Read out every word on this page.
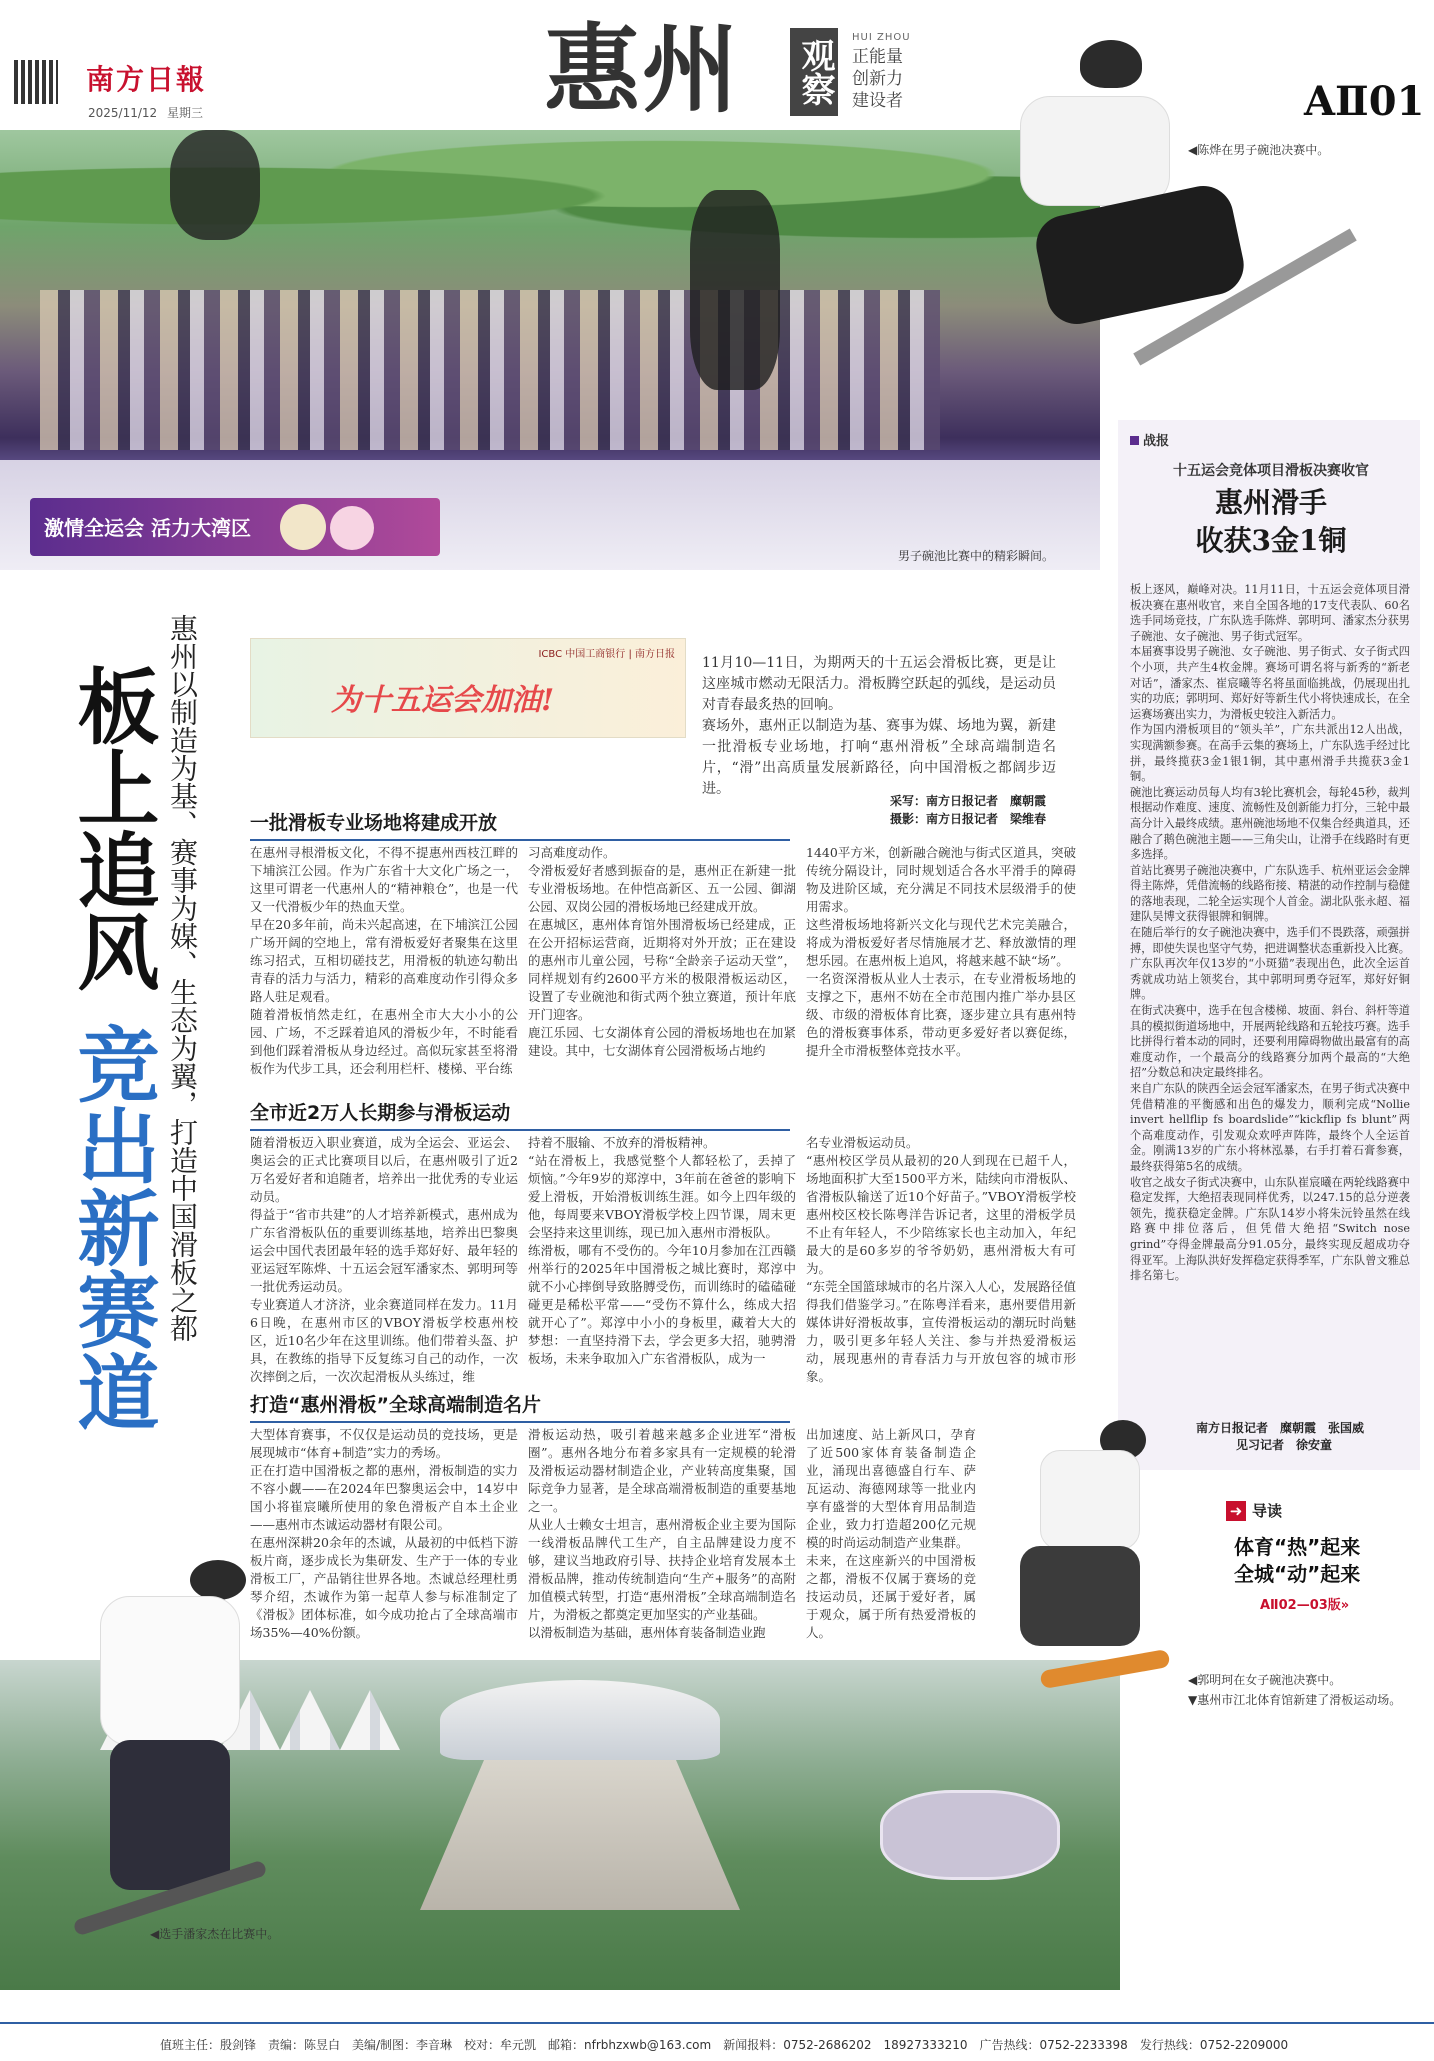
南方日報
2025/11/12 星期三	惠州 观察
HUI ZHOU
正能量
创新力
建设者	AⅡ01
激情全运会 活力大湾区
男子碗池比赛中的精彩瞬间。
◀陈烨在男子碗池决赛中。
板上追风
竞出新赛道 惠州以制造为基、赛事为媒、生态为翼，打造中国滑板之都	ICBC 中国工商银行 | 南方日报
为十五运会加油!

11月10—11日，为期两天的十五运会滑板比赛，更是让这座城市燃动无限活力。滑板腾空跃起的弧线，是运动员对青春最炙热的回响。
赛场外，惠州正以制造为基、赛事为媒、场地为翼，新建一批滑板专业场地，打响“惠州滑板”全球高端制造名片，“滑”出高质量发展新路径，向中国滑板之都阔步迈进。

采写：南方日报记者　糜朝霞
摄影：南方日报记者　梁维春
一批滑板专业场地将建成开放
在惠州寻根滑板文化，不得不提惠州西枝江畔的下埔滨江公园。作为广东省十大文化广场之一，这里可谓老一代惠州人的“精神粮仓”，也是一代又一代滑板少年的热血天堂。
早在20多年前，尚未兴起高速，在下埔滨江公园广场开阔的空地上，常有滑板爱好者聚集在这里练习招式，互相切磋技艺，用滑板的轨迹勾勒出青春的活力与活力，精彩的高难度动作引得众多路人驻足观看。
随着滑板悄然走红，在惠州全市大大小小的公园、广场，不乏踩着追风的滑板少年，不时能看到他们踩着滑板从身边经过。高似玩家甚至将滑板作为代步工具，还会利用栏杆、楼梯、平台练
习高难度动作。
令滑板爱好者感到振奋的是，惠州正在新建一批专业滑板场地。在仲恺高新区、五一公园、御湖公园、双岗公园的滑板场地已经建成开放。
在惠城区，惠州体育馆外围滑板场已经建成，正在公开招标运营商，近期将对外开放；正在建设的惠州市儿童公园，号称“全龄亲子运动天堂”，同样规划有约2600平方米的极限滑板运动区，设置了专业碗池和街式两个独立赛道，预计年底开门迎客。
鹿江乐园、七女湖体育公园的滑板场地也在加紧建设。其中，七女湖体育公园滑板场占地约
1440平方米，创新融合碗池与街式区道具，突破传统分隔设计，同时规划适合各水平滑手的障碍物及进阶区域，充分满足不同技术层级滑手的使用需求。
这些滑板场地将新兴文化与现代艺术完美融合，将成为滑板爱好者尽情施展才艺、释放激情的理想乐园。在惠州板上追风，将越来越不缺“场”。
一名资深滑板从业人士表示，在专业滑板场地的支撑之下，惠州不妨在全市范围内推广举办县区级、市级的滑板体育比赛，逐步建立具有惠州特色的滑板赛事体系，带动更多爱好者以赛促练，提升全市滑板整体竞技水平。
全市近2万人长期参与滑板运动
随着滑板迈入职业赛道，成为全运会、亚运会、奥运会的正式比赛项目以后，在惠州吸引了近2万名爱好者和追随者，培养出一批优秀的专业运动员。
得益于“省市共建”的人才培养新模式，惠州成为广东省滑板队伍的重要训练基地，培养出巴黎奥运会中国代表团最年轻的选手郑好好、最年轻的亚运冠军陈烨、十五运会冠军潘家杰、郭明珂等一批优秀运动员。
专业赛道人才济济，业余赛道同样在发力。11月6日晚，在惠州市区的VBOY滑板学校惠州校区，近10名少年在这里训练。他们带着头盔、护具，在教练的指导下反复练习自己的动作，一次次摔倒之后，一次次起滑板从头练过，维
持着不服输、不放弃的滑板精神。
“站在滑板上，我感觉整个人都轻松了，丢掉了烦恼。”今年9岁的郑淳中，3年前在爸爸的影响下爱上滑板，开始滑板训练生涯。如今上四年级的他，每周要来VBOY滑板学校上四节课，周末更会坚持来这里训练，现已加入惠州市滑板队。
练滑板，哪有不受伤的。今年10月参加在江西赣州举行的2025年中国滑板之城比赛时，郑淳中就不小心摔倒导致胳膊受伤，而训练时的磕磕碰碰更是稀松平常——“受伤不算什么，练成大招就开心了”。郑淳中小小的身板里，藏着大大的梦想：一直坚持滑下去，学会更多大招，驰骋滑板场，未来争取加入广东省滑板队，成为一
名专业滑板运动员。
“惠州校区学员从最初的20人到现在已超千人，场地面积扩大至1500平方米，陆续向市滑板队、省滑板队输送了近10个好苗子。”VBOY滑板学校惠州校区校长陈粤洋告诉记者，这里的滑板学员不止有年轻人，不少陪练家长也主动加入，年纪最大的是60多岁的爷爷奶奶，惠州滑板大有可为。
“东莞全国篮球城市的名片深入人心，发展路径值得我们借鉴学习。”在陈粤洋看来，惠州要借用新媒体讲好滑板故事，宣传滑板运动的潮玩时尚魅力，吸引更多年轻人关注、参与并热爱滑板运动，展现惠州的青春活力与开放包容的城市形象。
打造“惠州滑板”全球高端制造名片
大型体育赛事，不仅仅是运动员的竞技场，更是展现城市“体育+制造”实力的秀场。
正在打造中国滑板之都的惠州，滑板制造的实力不容小觑——在2024年巴黎奥运会中，14岁中国小将崔宸曦所使用的象色滑板产自本土企业——惠州市杰诚运动器材有限公司。
在惠州深耕20余年的杰诚，从最初的中低档下游板片商，逐步成长为集研发、生产于一体的专业滑板工厂，产品销往世界各地。杰诚总经理杜勇琴介绍，杰诚作为第一起草人参与标准制定了《滑板》团体标准，如今成功抢占了全球高端市场35%—40%份额。
滑板运动热，吸引着越来越多企业进军“滑板圈”。惠州各地分布着多家具有一定规模的轮滑及滑板运动器材制造企业，产业转高度集聚，国际竞争力显著，是全球高端滑板制造的重要基地之一。
从业人士赖女士坦言，惠州滑板企业主要为国际一线滑板品牌代工生产，自主品牌建设力度不够，建议当地政府引导、扶持企业培育发展本土滑板品牌，推动传统制造向“生产+服务”的高附加值模式转型，打造“惠州滑板”全球高端制造名片，为滑板之都奠定更加坚实的产业基础。
以滑板制造为基础，惠州体育装备制造业跑
出加速度、站上新风口，孕育了近500家体育装备制造企业，涌现出喜德盛自行车、萨瓦运动、海德网球等一批业内享有盛誉的大型体育用品制造企业，致力打造超200亿元规模的时尚运动制造产业集群。
未来，在这座新兴的中国滑板之都，滑板不仅属于赛场的竞技运动员，还属于爱好者，属于观众，属于所有热爱滑板的人。
战报
十五运会竞体项目滑板决赛收官
惠州滑手
收获3金1铜
板上逐风，巅峰对决。11月11日，十五运会竞体项目滑板决赛在惠州收官，来自全国各地的17支代表队、60名选手同场竞技，广东队选手陈烨、郭明珂、潘家杰分获男子碗池、女子碗池、男子街式冠军。
本届赛事设男子碗池、女子碗池、男子街式、女子街式四个小项，共产生4枚金牌。赛场可谓名将与新秀的“新老对话”，潘家杰、崔宸曦等名将虽面临挑战，仍展现出扎实的功底；郭明珂、郑好好等新生代小将快速成长，在全运赛场赛出实力，为滑板史较注入新活力。
作为国内滑板项目的“领头羊”，广东共派出12人出战，实现满额参赛。在高手云集的赛场上，广东队选手经过比拼，最终揽获3金1银1铜，其中惠州滑手共揽获3金1铜。
碗池比赛运动员每人均有3轮比赛机会，每轮45秒，裁判根据动作难度、速度、流畅性及创新能力打分，三轮中最高分计入最终成绩。惠州碗池场地不仅集合经典道具，还融合了鹅色碗池主题——三角尖山，让滑手在线路时有更多选择。
首站比赛男子碗池决赛中，广东队选手、杭州亚运会金牌得主陈烨，凭借流畅的线路衔接、精湛的动作控制与稳健的落地表现，二轮全运实现个人首金。湖北队张永超、福建队吴博文获得银牌和铜牌。
在随后举行的女子碗池决赛中，选手们不畏跌落，顽强拼搏，即使失误也坚守气势，把进调整状态重新投入比赛。广东队再次年仅13岁的“小斑猫”表现出色，此次全运首秀就成功站上领奖台，其中郭明珂勇夺冠军，郑好好铜牌。
在街式决赛中，选手在包含楼梯、坡面、斜台、斜杆等道具的模拟街道场地中，开展两轮线路和五轮技巧赛。选手比拼得行着本动的同时，还要利用障碍物做出最富有的高难度动作，一个最高分的线路赛分加两个最高的“大绝招”分数总和决定最终排名。
来自广东队的陕西全运会冠军潘家杰，在男子街式决赛中凭借精准的平衡感和出色的爆发力，顺利完成“Nollie invert hellflip fs boardslide”“kickflip fs blunt”两个高难度动作，引发观众欢呼声阵阵，最终个人全运首金。刚满13岁的广东小将林泓暴，右手打着石膏参赛，最终获得第5名的成绩。
收官之战女子街式决赛中，山东队崔宸曦在两轮线路赛中稳定发挥，大绝招表现同样优秀，以247.15的总分逆袭领先，揽获稳定金牌。广东队14岁小将朱沅铃虽然在线路赛中排位落后，但凭借大绝招“Switch nose grind”夺得金牌最高分91.05分，最终实现反超成功夺得亚军。上海队洪好发挥稳定获得季军，广东队曾文雅总排名第七。
南方日报记者　糜朝霞　张国威
见习记者　徐安童
➜ 导读
体育“热”起来
全城“动”起来
AⅡ02—03版»
▼惠州市江北体育馆新建了滑板运动场。
◀郭明珂在女子碗池决赛中。
◀选手潘家杰在比赛中。
值班主任：殷剑锋　责编：陈昱白　美编/制图：李音琳　校对：牟元凯　邮箱：nfrbhzxwb@163.com　新闻报料：0752-2686202　18927333210　广告热线：0752-2233398　发行热线：0752-2209000
